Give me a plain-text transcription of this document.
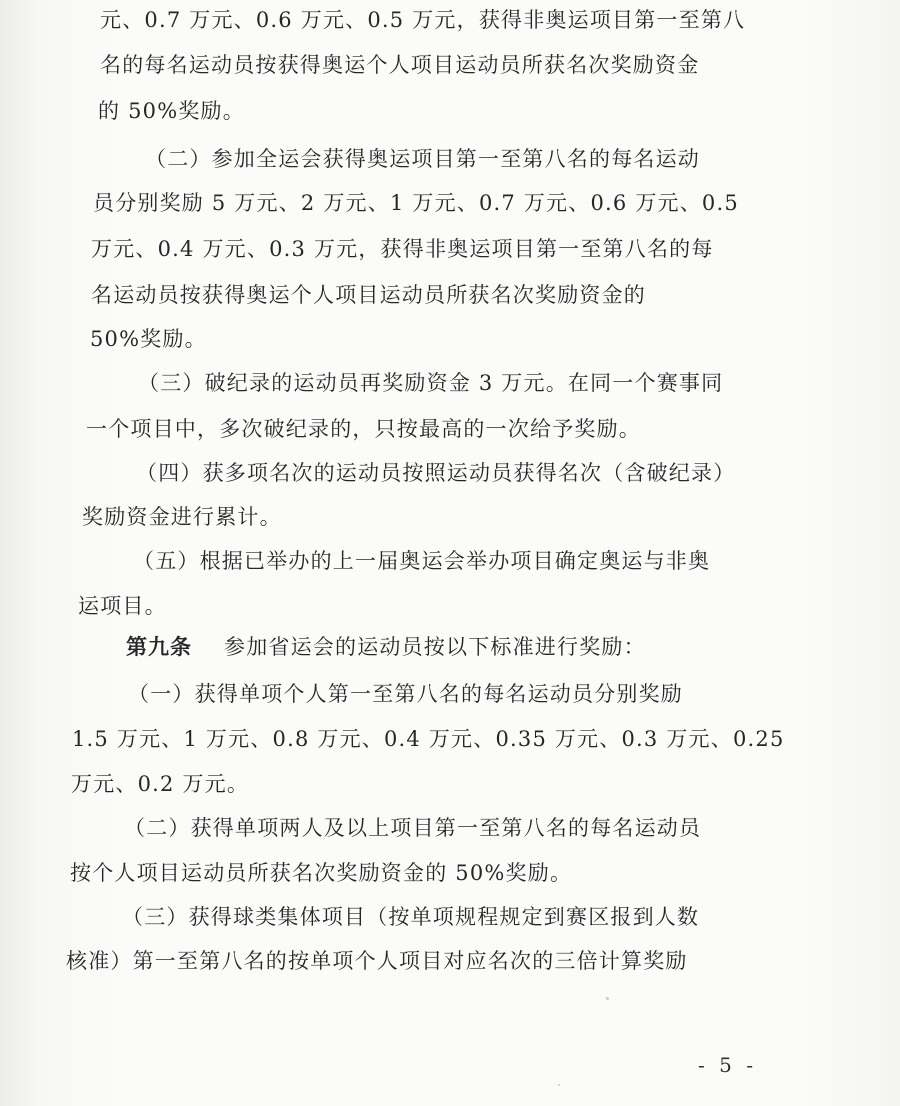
元、0.7 万元、0.6 万元、0.5 万元，获得非奥运项目第一至第八
名的每名运动员按获得奥运个人项目运动员所获名次奖励资金
的 50%奖励。
（二）参加全运会获得奥运项目第一至第八名的每名运动
员分别奖励 5 万元、2 万元、1 万元、0.7 万元、0.6 万元、0.5
万元、0.4 万元、0.3 万元，获得非奥运项目第一至第八名的每
名运动员按获得奥运个人项目运动员所获名次奖励资金的
50%奖励。
（三）破纪录的运动员再奖励资金 3 万元。在同一个赛事同
一个项目中，多次破纪录的，只按最高的一次给予奖励。
（四）获多项名次的运动员按照运动员获得名次（含破纪录）
奖励资金进行累计。
（五）根据已举办的上一届奥运会举办项目确定奥运与非奥
运项目。
第九条 参加省运会的运动员按以下标准进行奖励：
（一）获得单项个人第一至第八名的每名运动员分别奖励
1.5 万元、1 万元、0.8 万元、0.4 万元、0.35 万元、0.3 万元、0.25
万元、0.2 万元。
（二）获得单项两人及以上项目第一至第八名的每名运动员
按个人项目运动员所获名次奖励资金的 50%奖励。
（三）获得球类集体项目（按单项规程规定到赛区报到人数
核准）第一至第八名的按单项个人项目对应名次的三倍计算奖励
- 5 -
